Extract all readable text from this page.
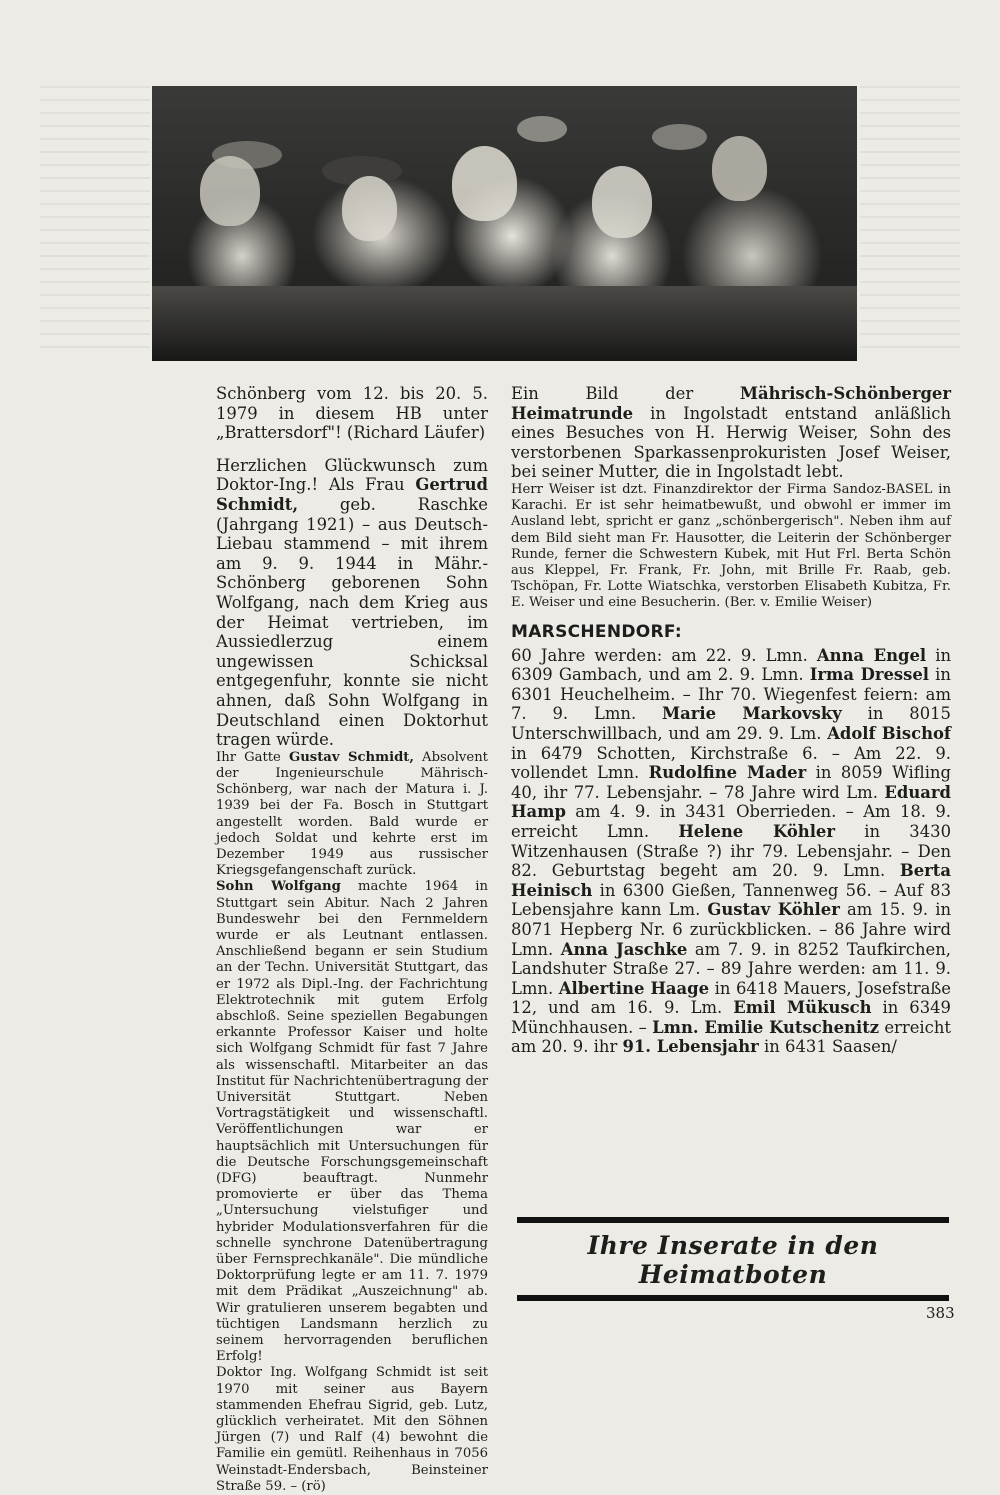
Schönberg vom 12. bis 20. 5. 1979 in diesem HB unter „Brattersdorf"! (Richard Läufer)

Herzlichen Glückwunsch zum Doktor-Ing.! Als Frau Gertrud Schmidt, geb. Raschke (Jahrgang 1921) – aus Deutsch-Liebau stammend – mit ihrem am 9. 9. 1944 in Mähr.-Schönberg geborenen Sohn Wolfgang, nach dem Krieg aus der Heimat vertrieben, im Aussiedlerzug einem ungewissen Schicksal entgegenfuhr, konnte sie nicht ahnen, daß Sohn Wolfgang in Deutschland einen Doktorhut tragen würde.

Ihr Gatte Gustav Schmidt, Absolvent der Ingenieurschule Mährisch-Schönberg, war nach der Matura i. J. 1939 bei der Fa. Bosch in Stuttgart angestellt worden. Bald wurde er jedoch Soldat und kehrte erst im Dezember 1949 aus russischer Kriegsgefangenschaft zurück.

Sohn Wolfgang machte 1964 in Stuttgart sein Abitur. Nach 2 Jahren Bundeswehr bei den Fernmeldern wurde er als Leutnant entlassen. Anschließend begann er sein Studium an der Techn. Universität Stuttgart, das er 1972 als Dipl.-Ing. der Fachrichtung Elektrotechnik mit gutem Erfolg abschloß. Seine speziellen Begabungen erkannte Professor Kaiser und holte sich Wolfgang Schmidt für fast 7 Jahre als wissenschaftl. Mitarbeiter an das Institut für Nachrichtenübertragung der Universität Stuttgart. Neben Vortragstätigkeit und wissenschaftl. Veröffentlichungen war er hauptsächlich mit Untersuchungen für die Deutsche Forschungsgemeinschaft (DFG) beauftragt. Nunmehr promovierte er über das Thema „Untersuchung vielstufiger und hybrider Modulationsverfahren für die schnelle synchrone Datenübertragung über Fernsprechkanäle". Die mündliche Doktorprüfung legte er am 11. 7. 1979 mit dem Prädikat „Auszeichnung" ab. Wir gratulieren unserem begabten und tüchtigen Landsmann herzlich zu seinem hervorragenden beruflichen Erfolg!

Doktor Ing. Wolfgang Schmidt ist seit 1970 mit seiner aus Bayern stammenden Ehefrau Sigrid, geb. Lutz, glücklich verheiratet. Mit den Söhnen Jürgen (7) und Ralf (4) bewohnt die Familie ein gemütl. Reihenhaus in 7056 Weinstadt-Endersbach, Beinsteiner Straße 59. – (rö)

Ein Bild der Mährisch-Schönberger Heimatrunde in Ingolstadt entstand anläßlich eines Besuches von H. Herwig Weiser, Sohn des verstorbenen Sparkassenprokuristen Josef Weiser, bei seiner Mutter, die in Ingolstadt lebt.

Herr Weiser ist dzt. Finanzdirektor der Firma Sandoz-BASEL in Karachi. Er ist sehr heimatbewußt, und obwohl er immer im Ausland lebt, spricht er ganz „schönbergerisch". Neben ihm auf dem Bild sieht man Fr. Hausotter, die Leiterin der Schönberger Runde, ferner die Schwestern Kubek, mit Hut Frl. Berta Schön aus Kleppel, Fr. Frank, Fr. John, mit Brille Fr. Raab, geb. Tschöpan, Fr. Lotte Wiatschka, verstorben Elisabeth Kubitza, Fr. E. Weiser und eine Besucherin. (Ber. v. Emilie Weiser)

MARSCHENDORF:

60 Jahre werden: am 22. 9. Lmn. Anna Engel in 6309 Gambach, und am 2. 9. Lmn. Irma Dressel in 6301 Heuchelheim. – Ihr 70. Wiegenfest feiern: am 7. 9. Lmn. Marie Markovsky in 8015 Unterschwillbach, und am 29. 9. Lm. Adolf Bischof in 6479 Schotten, Kirchstraße 6. – Am 22. 9. vollendet Lmn. Rudolfine Mader in 8059 Wifling 40, ihr 77. Lebensjahr. – 78 Jahre wird Lm. Eduard Hamp am 4. 9. in 3431 Oberrieden. – Am 18. 9. erreicht Lmn. Helene Köhler in 3430 Witzenhausen (Straße ?) ihr 79. Lebensjahr. – Den 82. Geburtstag begeht am 20. 9. Lmn. Berta Heinisch in 6300 Gießen, Tannenweg 56. – Auf 83 Lebensjahre kann Lm. Gustav Köhler am 15. 9. in 8071 Hepberg Nr. 6 zurückblicken. – 86 Jahre wird Lmn. Anna Jaschke am 7. 9. in 8252 Taufkirchen, Landshuter Straße 27. – 89 Jahre werden: am 11. 9. Lmn. Albertine Haage in 6418 Mauers, Josefstraße 12, und am 16. 9. Lm. Emil Mükusch in 6349 Münchhausen. – Lmn. Emilie Kutschenitz erreicht am 20. 9. ihr 91. Lebensjahr in 6431 Saasen/

Ihre Inserate in den Heimatboten
383
